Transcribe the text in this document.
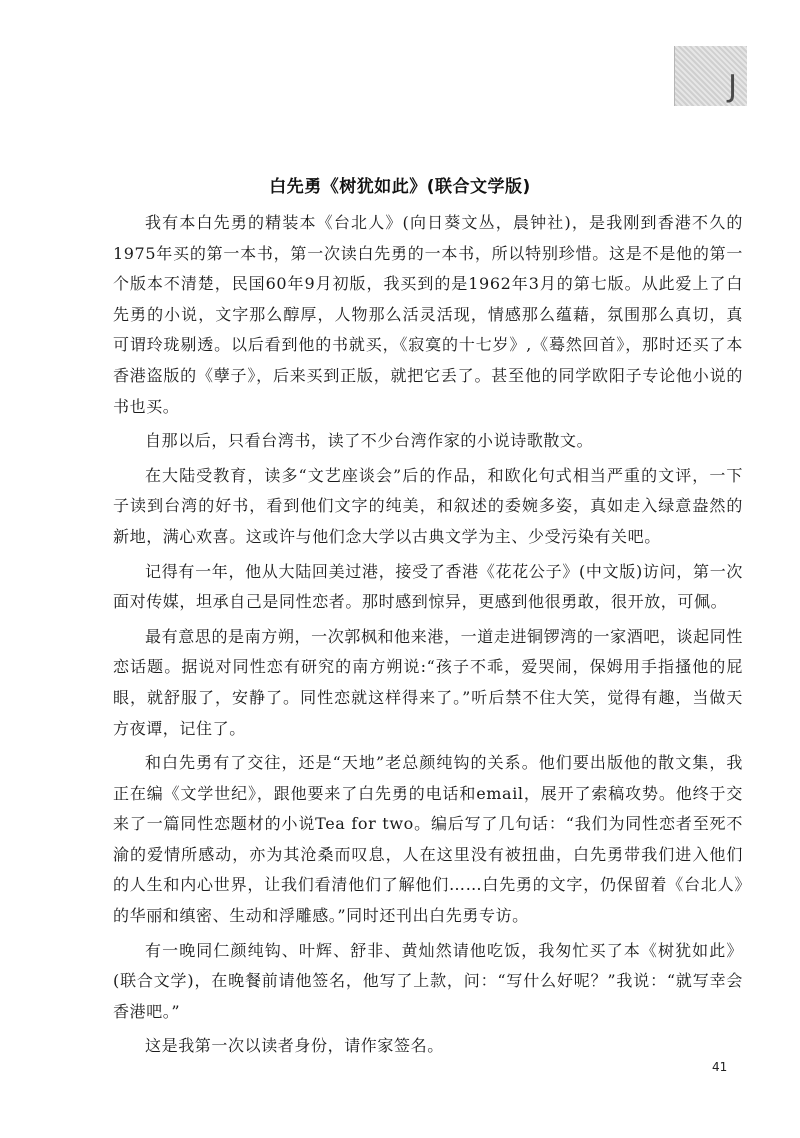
J
白先勇《树犹如此》(联合文学版)

我有本白先勇的精装本《台北人》(向日葵文丛，晨钟社)，是我刚到香港不久的1975年买的第一本书，第一次读白先勇的一本书，所以特别珍惜。这是不是他的第一个版本不清楚，民国60年9月初版，我买到的是1962年3月的第七版。从此爱上了白先勇的小说，文字那么醇厚，人物那么活灵活现，情感那么蕴藉，氛围那么真切，真可谓玲珑剔透。以后看到他的书就买，《寂寞的十七岁》,《蓦然回首》，那时还买了本香港盗版的《孽子》，后来买到正版，就把它丢了。甚至他的同学欧阳子专论他小说的书也买。

自那以后，只看台湾书，读了不少台湾作家的小说诗歌散文。

在大陆受教育，读多“文艺座谈会”后的作品，和欧化句式相当严重的文评，一下子读到台湾的好书，看到他们文字的纯美，和叙述的委婉多姿，真如走入绿意盎然的新地，满心欢喜。这或许与他们念大学以古典文学为主、少受污染有关吧。

记得有一年，他从大陆回美过港，接受了香港《花花公子》(中文版)访问，第一次面对传媒，坦承自己是同性恋者。那时感到惊异，更感到他很勇敢，很开放，可佩。

最有意思的是南方朔，一次郭枫和他来港，一道走进铜锣湾的一家酒吧，谈起同性恋话题。据说对同性恋有研究的南方朔说:“孩子不乖，爱哭闹，保姆用手指搔他的屁眼，就舒服了，安静了。同性恋就这样得来了。”听后禁不住大笑，觉得有趣，当做天方夜谭，记住了。

和白先勇有了交往，还是“天地”老总颜纯钩的关系。他们要出版他的散文集，我正在编《文学世纪》，跟他要来了白先勇的电话和email，展开了索稿攻势。他终于交来了一篇同性恋题材的小说Tea for two。编后写了几句话：“我们为同性恋者至死不渝的爱情所感动，亦为其沧桑而叹息，人在这里没有被扭曲，白先勇带我们进入他们的人生和内心世界，让我们看清他们了解他们……白先勇的文字，仍保留着《台北人》的华丽和缜密、生动和浮雕感。”同时还刊出白先勇专访。

有一晚同仁颜纯钩、叶辉、舒非、黄灿然请他吃饭，我匆忙买了本《树犹如此》(联合文学)，在晚餐前请他签名，他写了上款，问：“写什么好呢？”我说：“就写幸会香港吧。”

这是我第一次以读者身份，请作家签名。

41
